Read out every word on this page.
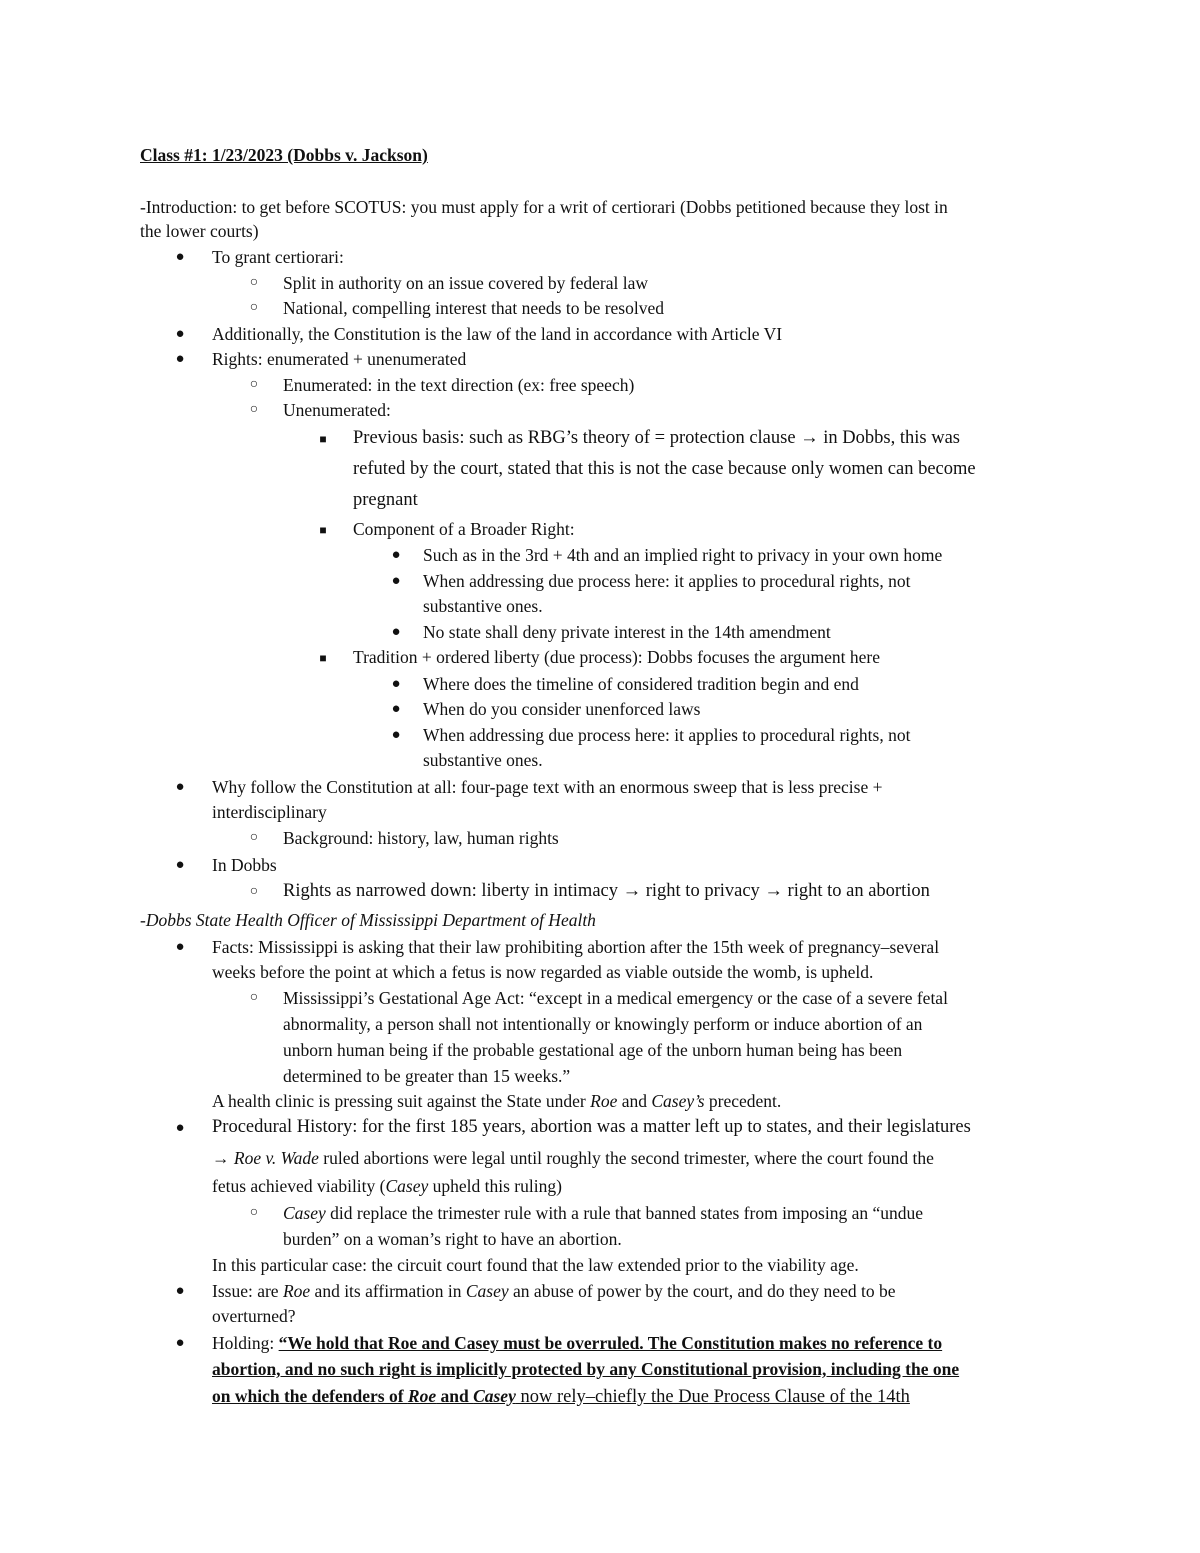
Class #1: 1/23/2023 (Dobbs v. Jackson)
-Introduction: to get before SCOTUS: you must apply for a writ of certiorari (Dobbs petitioned because they lost in
the lower courts)
● To grant certiorari:
○ Split in authority on an issue covered by federal law
○ National, compelling interest that needs to be resolved
● Additionally, the Constitution is the law of the land in accordance with Article VI
● Rights: enumerated + unenumerated
○ Enumerated: in the text direction (ex: free speech)
○ Unenumerated:
■ Previous basis: such as RBG’s theory of = protection clause → in Dobbs, this was
refuted by the court, stated that this is not the case because only women can become
pregnant
■ Component of a Broader Right:
● Such as in the 3rd + 4th and an implied right to privacy in your own home
● When addressing due process here: it applies to procedural rights, not
substantive ones.
● No state shall deny private interest in the 14th amendment
■ Tradition + ordered liberty (due process): Dobbs focuses the argument here
● Where does the timeline of considered tradition begin and end
● When do you consider unenforced laws
● When addressing due process here: it applies to procedural rights, not
substantive ones.
● Why follow the Constitution at all: four-page text with an enormous sweep that is less precise +
interdisciplinary
○ Background: history, law, human rights
● In Dobbs
○ Rights as narrowed down: liberty in intimacy → right to privacy → right to an abortion
-Dobbs State Health Officer of Mississippi Department of Health
● Facts: Mississippi is asking that their law prohibiting abortion after the 15th week of pregnancy–several
weeks before the point at which a fetus is now regarded as viable outside the womb, is upheld.
○ Mississippi’s Gestational Age Act: “except in a medical emergency or the case of a severe fetal
abnormality, a person shall not intentionally or knowingly perform or induce abortion of an
unborn human being if the probable gestational age of the unborn human being has been
determined to be greater than 15 weeks.”
A health clinic is pressing suit against the State under Roe and Casey’s precedent.
● Procedural History: for the first 185 years, abortion was a matter left up to states, and their legislatures
→ Roe v. Wade ruled abortions were legal until roughly the second trimester, where the court found the
fetus achieved viability (Casey upheld this ruling)
○ Casey did replace the trimester rule with a rule that banned states from imposing an “undue
burden” on a woman’s right to have an abortion.
In this particular case: the circuit court found that the law extended prior to the viability age.
● Issue: are Roe and its affirmation in Casey an abuse of power by the court, and do they need to be
overturned?
● Holding: “We hold that Roe and Casey must be overruled. The Constitution makes no reference to
abortion, and no such right is implicitly protected by any Constitutional provision, including the one
on which the defenders of Roe and Casey now rely–chiefly the Due Process Clause of the 14th
